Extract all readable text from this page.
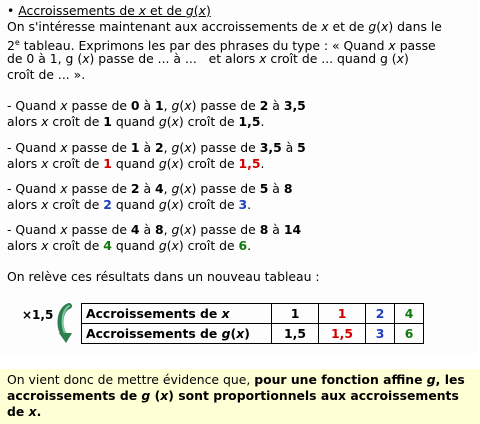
• Accroissements de x et de g(x)

On s'intéresse maintenant aux accroissements de x et de g(x) dans le

2e tableau. Exprimons les par des phrases du type : « Quand x passe

de 0 à 1, g (x) passe de ... à ...   et alors x croît de ... quand g (x)

croît de ... ».

- Quand x passe de 0 à 1, g(x) passe de 2 à 3,5

alors x croît de 1 quand g(x) croît de 1,5.

- Quand x passe de 1 à 2, g(x) passe de 3,5 à 5

alors x croît de 1 quand g(x) croît de 1,5.

- Quand x passe de 2 à 4, g(x) passe de 5 à 8

alors x croît de 2 quand g(x) croît de 3.

- Quand x passe de 4 à 8, g(x) passe de 8 à 14

alors x croît de 4 quand g(x) croît de 6.

On relève ces résultats dans un nouveau tableau :

×1,5	Accroissements de x	1	1	2	4
Accroissements de g(x)	1,5	1,5	3	6

On vient donc de mettre évidence que, pour une fonction affine g, les accroissements de g (x) sont proportionnels aux accroissements de x.
